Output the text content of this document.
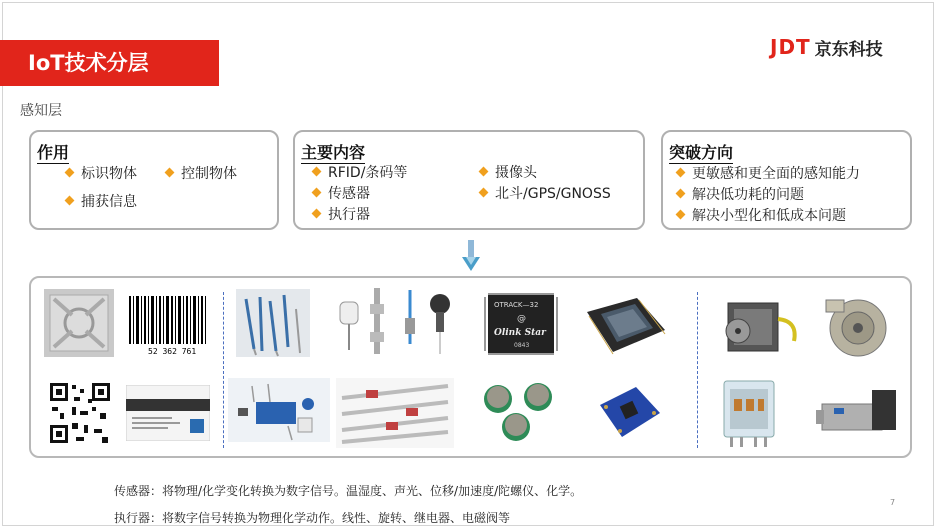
IoT技术分层
JDT 京东科技
感知层
作用
标识物体	控制物体
捕获信息
主要内容
RFID/条码等	摄像头
传感器	北斗/GPS/GNOSS
执行器
突破方向
更敏感和更全面的感知能力
解决低功耗的问题
解决小型化和低成本问题
52 362 761
OTRACK—32
@
Olink Star
0843
传感器：将物理/化学变化转换为数字信号。温湿度、声光、位移/加速度/陀螺仪、化学。
执行器：将数字信号转换为物理化学动作。线性、旋转、继电器、电磁阀等
7
